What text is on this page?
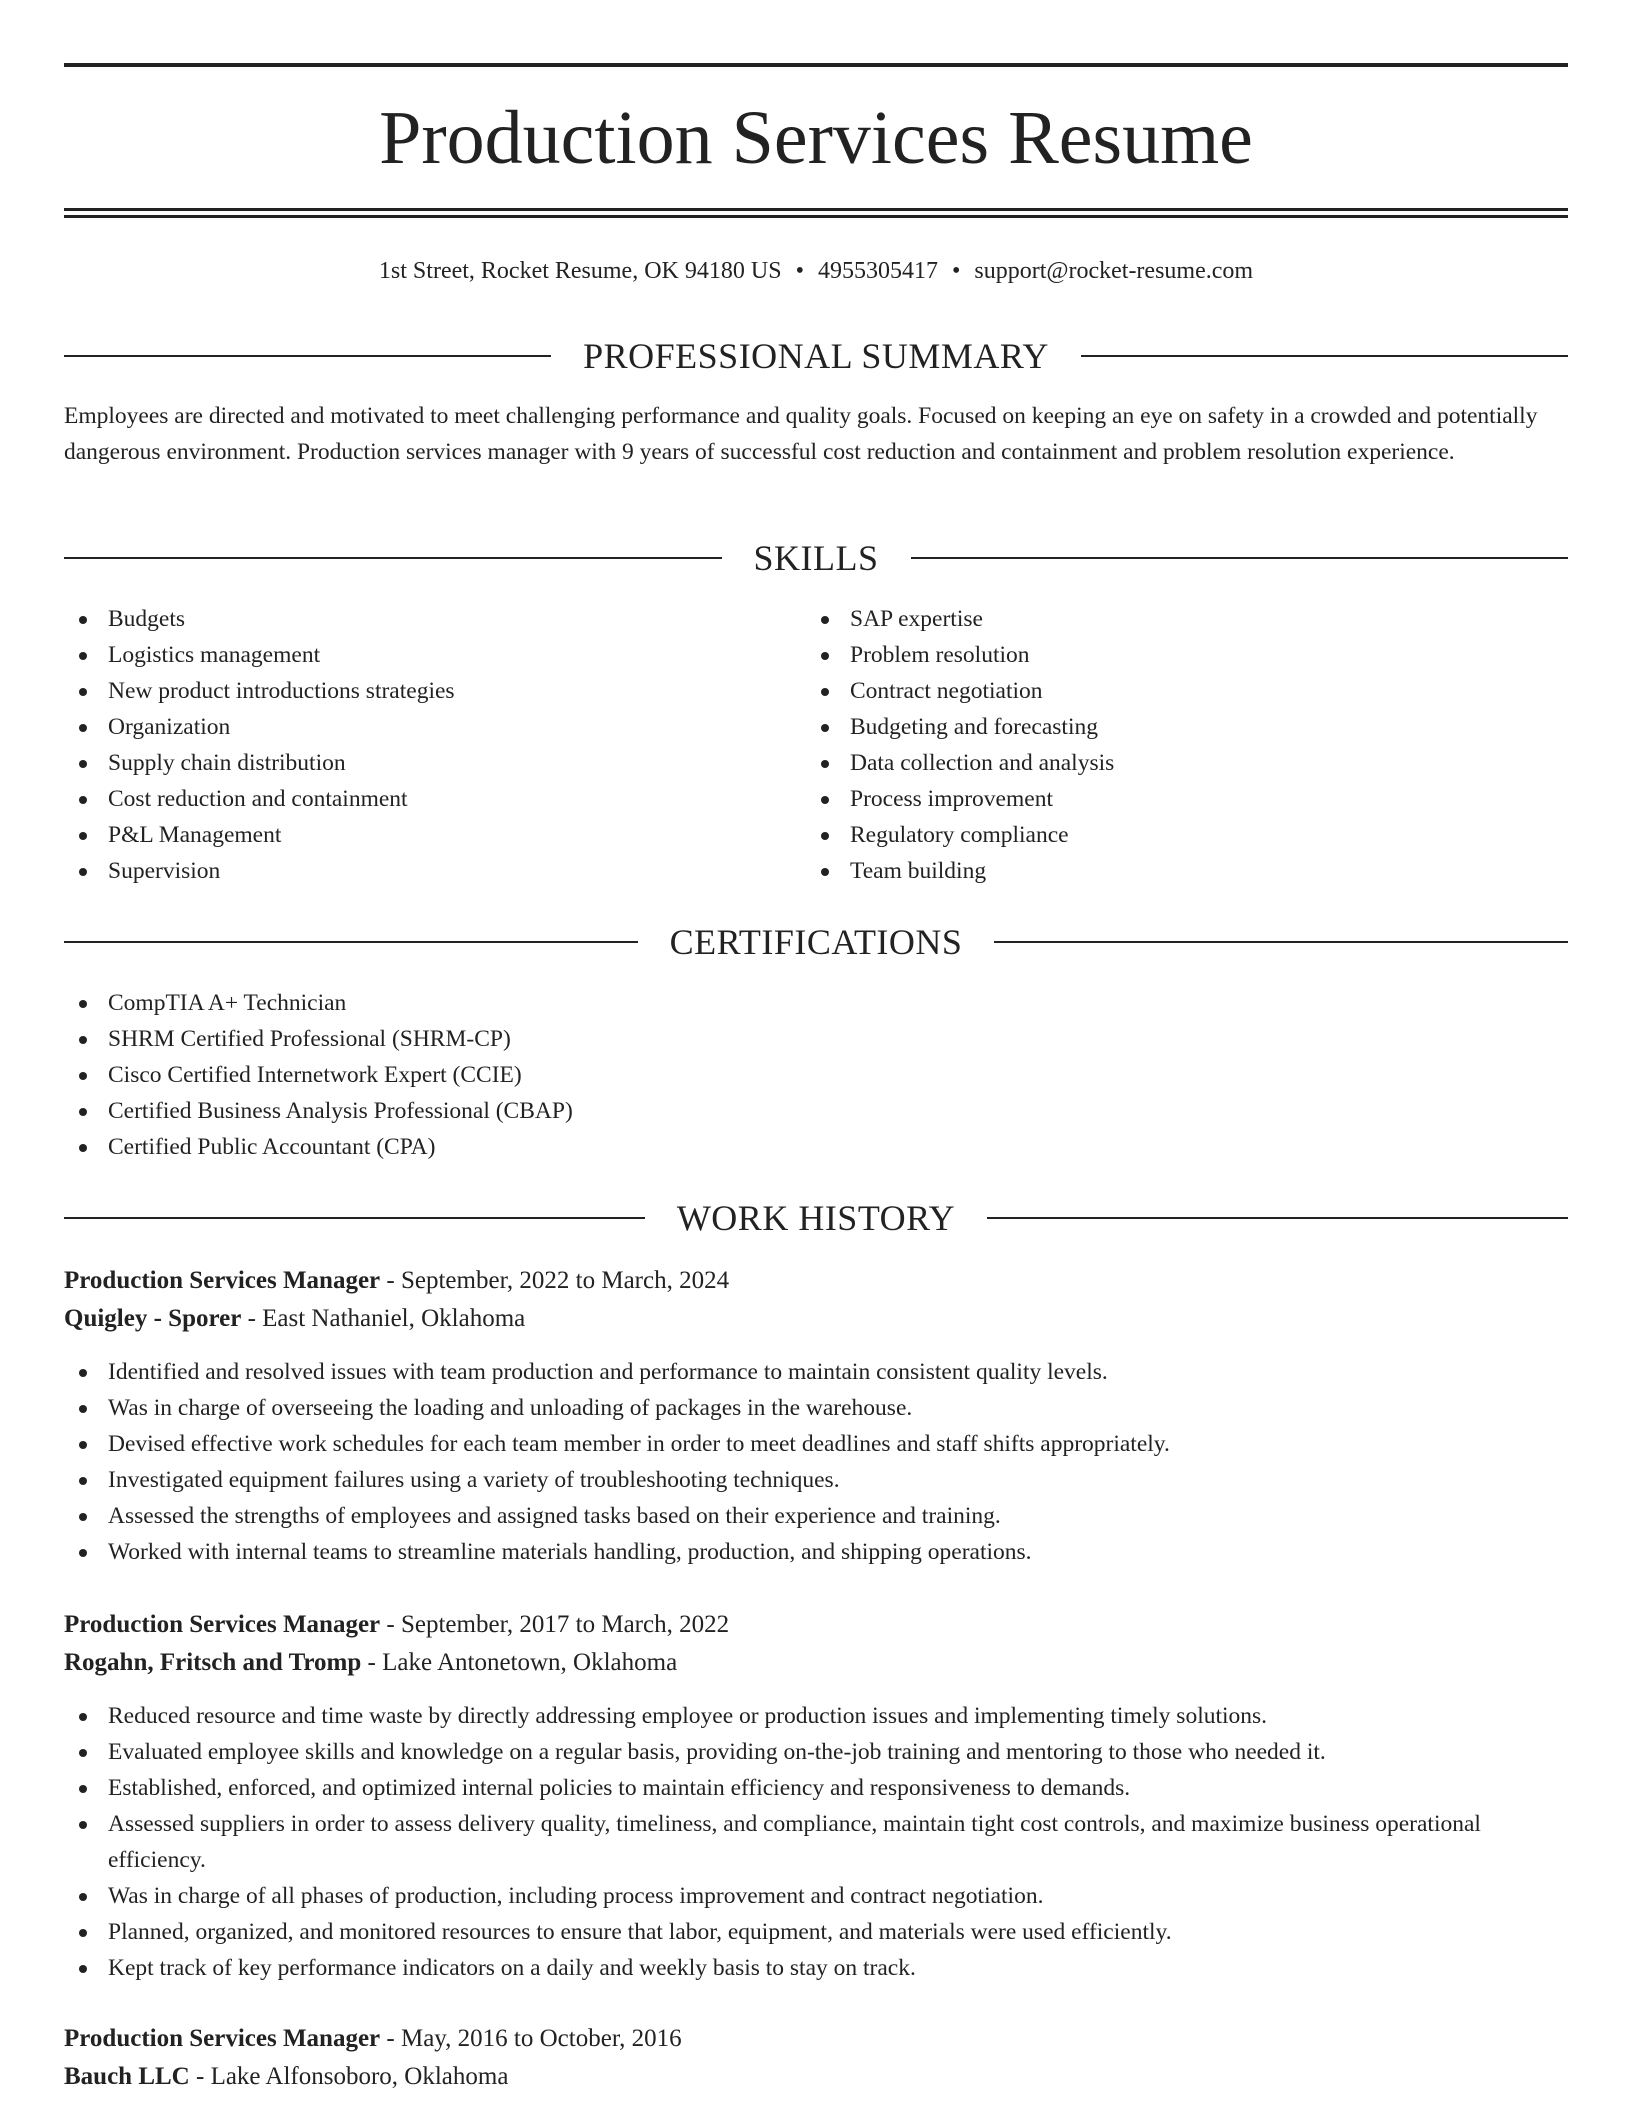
Production Services Resume
1st Street, Rocket Resume, OK 94180 US • 4955305417 • support@rocket-resume.com
PROFESSIONAL SUMMARY

Employees are directed and motivated to meet challenging performance and quality goals. Focused on keeping an eye on safety in a crowded and potentially dangerous environment. Production services manager with 9 years of successful cost reduction and containment and problem resolution experience.

SKILLS
Budgets
Logistics management
New product introductions strategies
Organization
Supply chain distribution
Cost reduction and containment
P&L Management
Supervision
SAP expertise
Problem resolution
Contract negotiation
Budgeting and forecasting
Data collection and analysis
Process improvement
Regulatory compliance
Team building
CERTIFICATIONS
CompTIA A+ Technician
SHRM Certified Professional (SHRM-CP)
Cisco Certified Internetwork Expert (CCIE)
Certified Business Analysis Professional (CBAP)
Certified Public Accountant (CPA)
WORK HISTORY
Production Services Manager - September, 2022 to March, 2024
Quigley - Sporer - East Nathaniel, Oklahoma
Identified and resolved issues with team production and performance to maintain consistent quality levels.
Was in charge of overseeing the loading and unloading of packages in the warehouse.
Devised effective work schedules for each team member in order to meet deadlines and staff shifts appropriately.
Investigated equipment failures using a variety of troubleshooting techniques.
Assessed the strengths of employees and assigned tasks based on their experience and training.
Worked with internal teams to streamline materials handling, production, and shipping operations.
Production Services Manager - September, 2017 to March, 2022
Rogahn, Fritsch and Tromp - Lake Antonetown, Oklahoma
Reduced resource and time waste by directly addressing employee or production issues and implementing timely solutions.
Evaluated employee skills and knowledge on a regular basis, providing on-the-job training and mentoring to those who needed it.
Established, enforced, and optimized internal policies to maintain efficiency and responsiveness to demands.
Assessed suppliers in order to assess delivery quality, timeliness, and compliance, maintain tight cost controls, and maximize business operational efficiency.
Was in charge of all phases of production, including process improvement and contract negotiation.
Planned, organized, and monitored resources to ensure that labor, equipment, and materials were used efficiently.
Kept track of key performance indicators on a daily and weekly basis to stay on track.
Production Services Manager - May, 2016 to October, 2016
Bauch LLC - Lake Alfonsoboro, Oklahoma
